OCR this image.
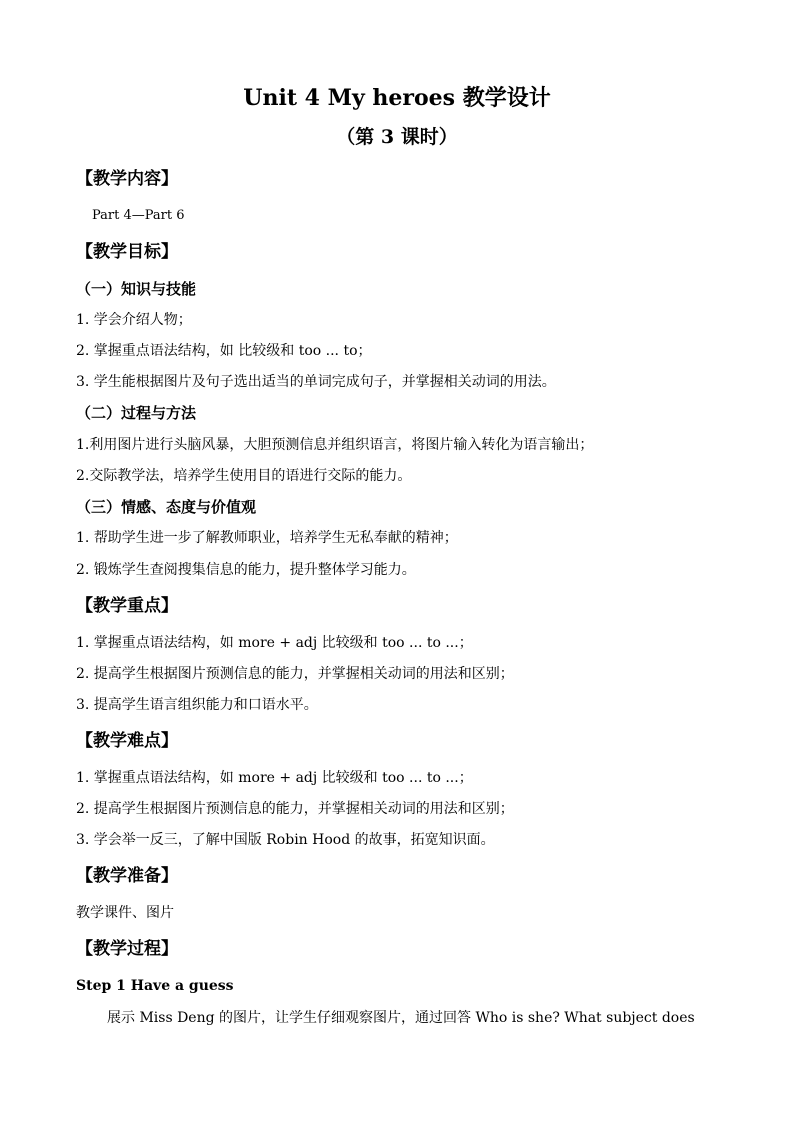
Unit 4 My heroes 教学设计
（第 3 课时）
【教学内容】
Part 4—Part 6
【教学目标】
（一）知识与技能
1. 学会介绍人物；
2. 掌握重点语法结构，如 比较级和 too ... to；
3. 学生能根据图片及句子选出适当的单词完成句子，并掌握相关动词的用法。
（二）过程与方法
1.利用图片进行头脑风暴，大胆预测信息并组织语言，将图片输入转化为语言输出；
2.交际教学法，培养学生使用目的语进行交际的能力。
（三）情感、态度与价值观
1. 帮助学生进一步了解教师职业，培养学生无私奉献的精神；
2. 锻炼学生查阅搜集信息的能力，提升整体学习能力。
【教学重点】
1. 掌握重点语法结构，如 more + adj 比较级和 too ... to ...；
2. 提高学生根据图片预测信息的能力，并掌握相关动词的用法和区别；
3. 提高学生语言组织能力和口语水平。
【教学难点】
1. 掌握重点语法结构，如 more + adj 比较级和 too ... to ...；
2. 提高学生根据图片预测信息的能力，并掌握相关动词的用法和区别；
3. 学会举一反三，了解中国版 Robin Hood 的故事，拓宽知识面。
【教学准备】
教学课件、图片
【教学过程】
Step 1 Have a guess
展示 Miss Deng 的图片，让学生仔细观察图片，通过回答 Who is she? What subject does
